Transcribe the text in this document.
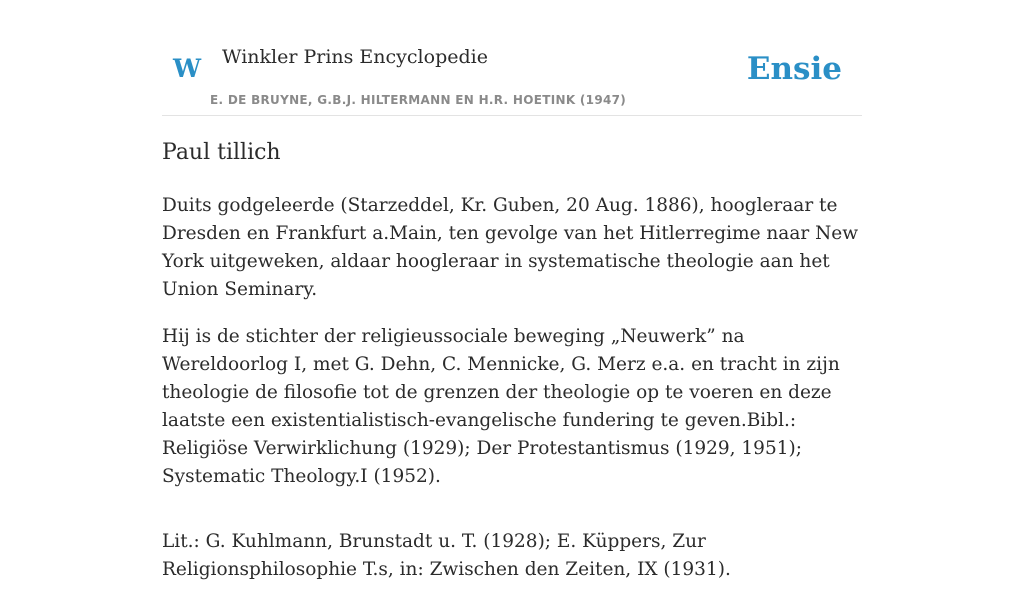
W Winkler Prins Encyclopedie
E. DE BRUYNE, G.B.J. HILTERMANN EN H.R. HOETINK (1947)
Ensie
Paul tillich

Duits godgeleerde (Starzeddel, Kr. Guben, 20 Aug. 1886), hoogleraar te Dresden en Frankfurt a.Main, ten gevolge van het Hitlerregime naar New York uitgeweken, aldaar hoogleraar in systematische theologie aan het Union Seminary.

Hij is de stichter der religieussociale beweging „Neuwerk” na Wereldoorlog I, met G. Dehn, C. Mennicke, G. Merz e.a. en tracht in zijn theologie de filosofie tot de grenzen der theologie op te voeren en deze laatste een existentialistisch-evangelische fundering te geven.Bibl.: Religiöse Verwirklichung (1929); Der Protestantismus (1929, 1951); Systematic Theology.I (1952).

Lit.: G. Kuhlmann, Brunstadt u. T. (1928); E. Küppers, Zur Religionsphilosophie T.s, in: Zwischen den Zeiten, IX (1931).
